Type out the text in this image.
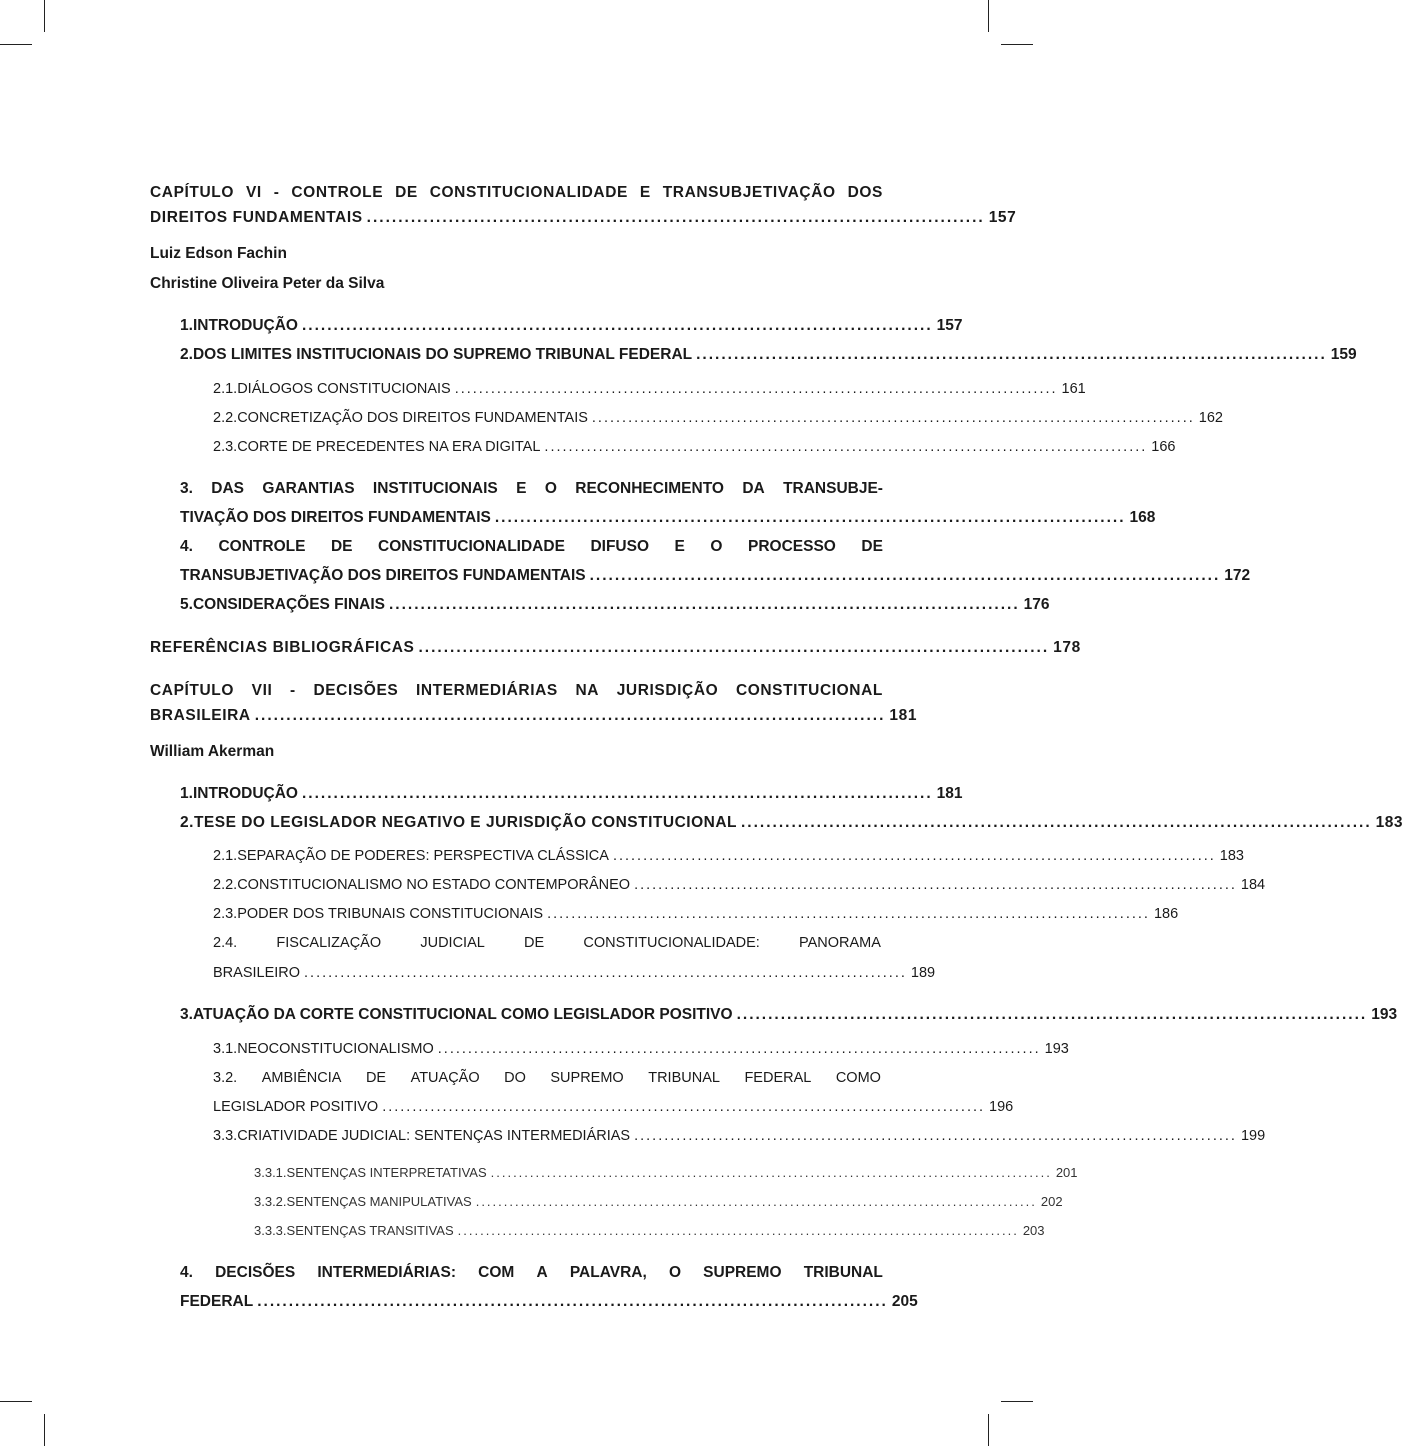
CAPÍTULO VI - CONTROLE DE CONSTITUCIONALIDADE E TRANSUBJETIVAÇÃO DOS
DIREITOS FUNDAMENTAIS .................................................................................................. 157
Luiz Edson Fachin
Christine Oliveira Peter da Silva
1. INTRODUÇÃO .................................................................................................... 157
2. DOS LIMITES INSTITUCIONAIS DO SUPREMO TRIBUNAL FEDERAL .................................................................................................... 159
2.1. DIÁLOGOS CONSTITUCIONAIS .................................................................................................... 161
2.2. CONCRETIZAÇÃO DOS DIREITOS FUNDAMENTAIS .................................................................................................... 162
2.3. CORTE DE PRECEDENTES NA ERA DIGITAL .................................................................................................... 166
3. DAS GARANTIAS INSTITUCIONAIS E O RECONHECIMENTO DA TRANSUBJE-
TIVAÇÃO DOS DIREITOS FUNDAMENTAIS .................................................................................................... 168
4. CONTROLE DE CONSTITUCIONALIDADE DIFUSO E O PROCESSO DE
TRANSUBJETIVAÇÃO DOS DIREITOS FUNDAMENTAIS .................................................................................................... 172
5. CONSIDERAÇÕES FINAIS .................................................................................................... 176
REFERÊNCIAS BIBLIOGRÁFICAS .................................................................................................... 178
CAPÍTULO VII - DECISÕES INTERMEDIÁRIAS NA JURISDIÇÃO CONSTITUCIONAL
BRASILEIRA .................................................................................................... 181
William Akerman
1. INTRODUÇÃO .................................................................................................... 181
2. TESE DO LEGISLADOR NEGATIVO E JURISDIÇÃO CONSTITUCIONAL .................................................................................................... 183
2.1. SEPARAÇÃO DE PODERES: PERSPECTIVA CLÁSSICA .................................................................................................... 183
2.2. CONSTITUCIONALISMO NO ESTADO CONTEMPORÂNEO .................................................................................................... 184
2.3. PODER DOS TRIBUNAIS CONSTITUCIONAIS .................................................................................................... 186
2.4.	FISCALIZAÇÃO	JUDICIAL	DE	CONSTITUCIONALIDADE:	PANORAMA
BRASILEIRO .................................................................................................... 189
3. ATUAÇÃO DA CORTE CONSTITUCIONAL COMO LEGISLADOR POSITIVO .................................................................................................... 193
3.1. NEOCONSTITUCIONALISMO .................................................................................................... 193
3.2. AMBIÊNCIA DE ATUAÇÃO DO SUPREMO TRIBUNAL FEDERAL COMO
LEGISLADOR POSITIVO .................................................................................................... 196
3.3. CRIATIVIDADE JUDICIAL: SENTENÇAS INTERMEDIÁRIAS .................................................................................................... 199
3.3.1. SENTENÇAS INTERPRETATIVAS .................................................................................................... 201
3.3.2. SENTENÇAS MANIPULATIVAS .................................................................................................... 202
3.3.3. SENTENÇAS TRANSITIVAS .................................................................................................... 203
4. DECISÕES INTERMEDIÁRIAS: COM A PALAVRA, O SUPREMO TRIBUNAL
FEDERAL .................................................................................................... 205
